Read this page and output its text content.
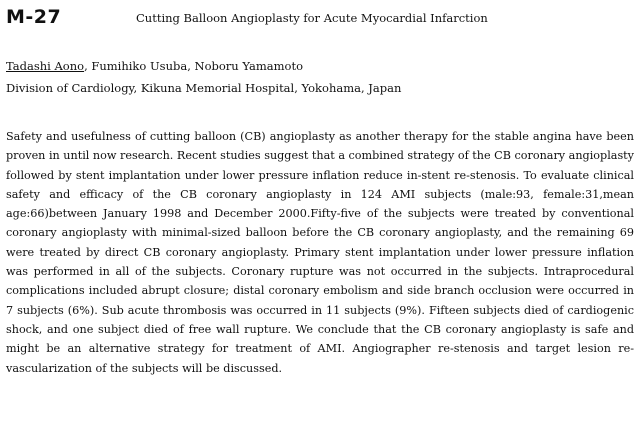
M-27	Cutting Balloon Angioplasty for Acute Myocardial Infarction
Tadashi Aono, Fumihiko Usuba, Noboru Yamamoto
Division of Cardiology, Kikuna Memorial Hospital, Yokohama, Japan
Safety and usefulness of cutting balloon (CB) angioplasty as another therapy for the stable angina have been proven in until now research. Recent studies suggest that a combined strategy of the CB coronary angioplasty followed by stent implantation under lower pressure inflation reduce in-stent re-stenosis. To evaluate clinical safety and efficacy of the CB coronary angioplasty in 124 AMI subjects (male:93, female:31,mean age:66)between January 1998 and December 2000.Fifty-five of the subjects were treated by conventional coronary angioplasty with minimal-sized balloon before the CB coronary angioplasty, and the remaining 69 were treated by direct CB coronary angioplasty. Primary stent implantation under lower pressure inflation was performed in all of the subjects. Coronary rupture was not occurred in the subjects. Intraprocedural complications included abrupt closure; distal coronary embolism and side branch occlusion were occurred in 7 subjects (6%). Sub acute thrombosis was occurred in 11 subjects (9%). Fifteen subjects died of cardiogenic shock, and one subject died of free wall rupture. We conclude that the CB coronary angioplasty is safe and might be an alternative strategy for treatment of AMI. Angiographer re-stenosis and target lesion re-vascularization of the subjects will be discussed.
